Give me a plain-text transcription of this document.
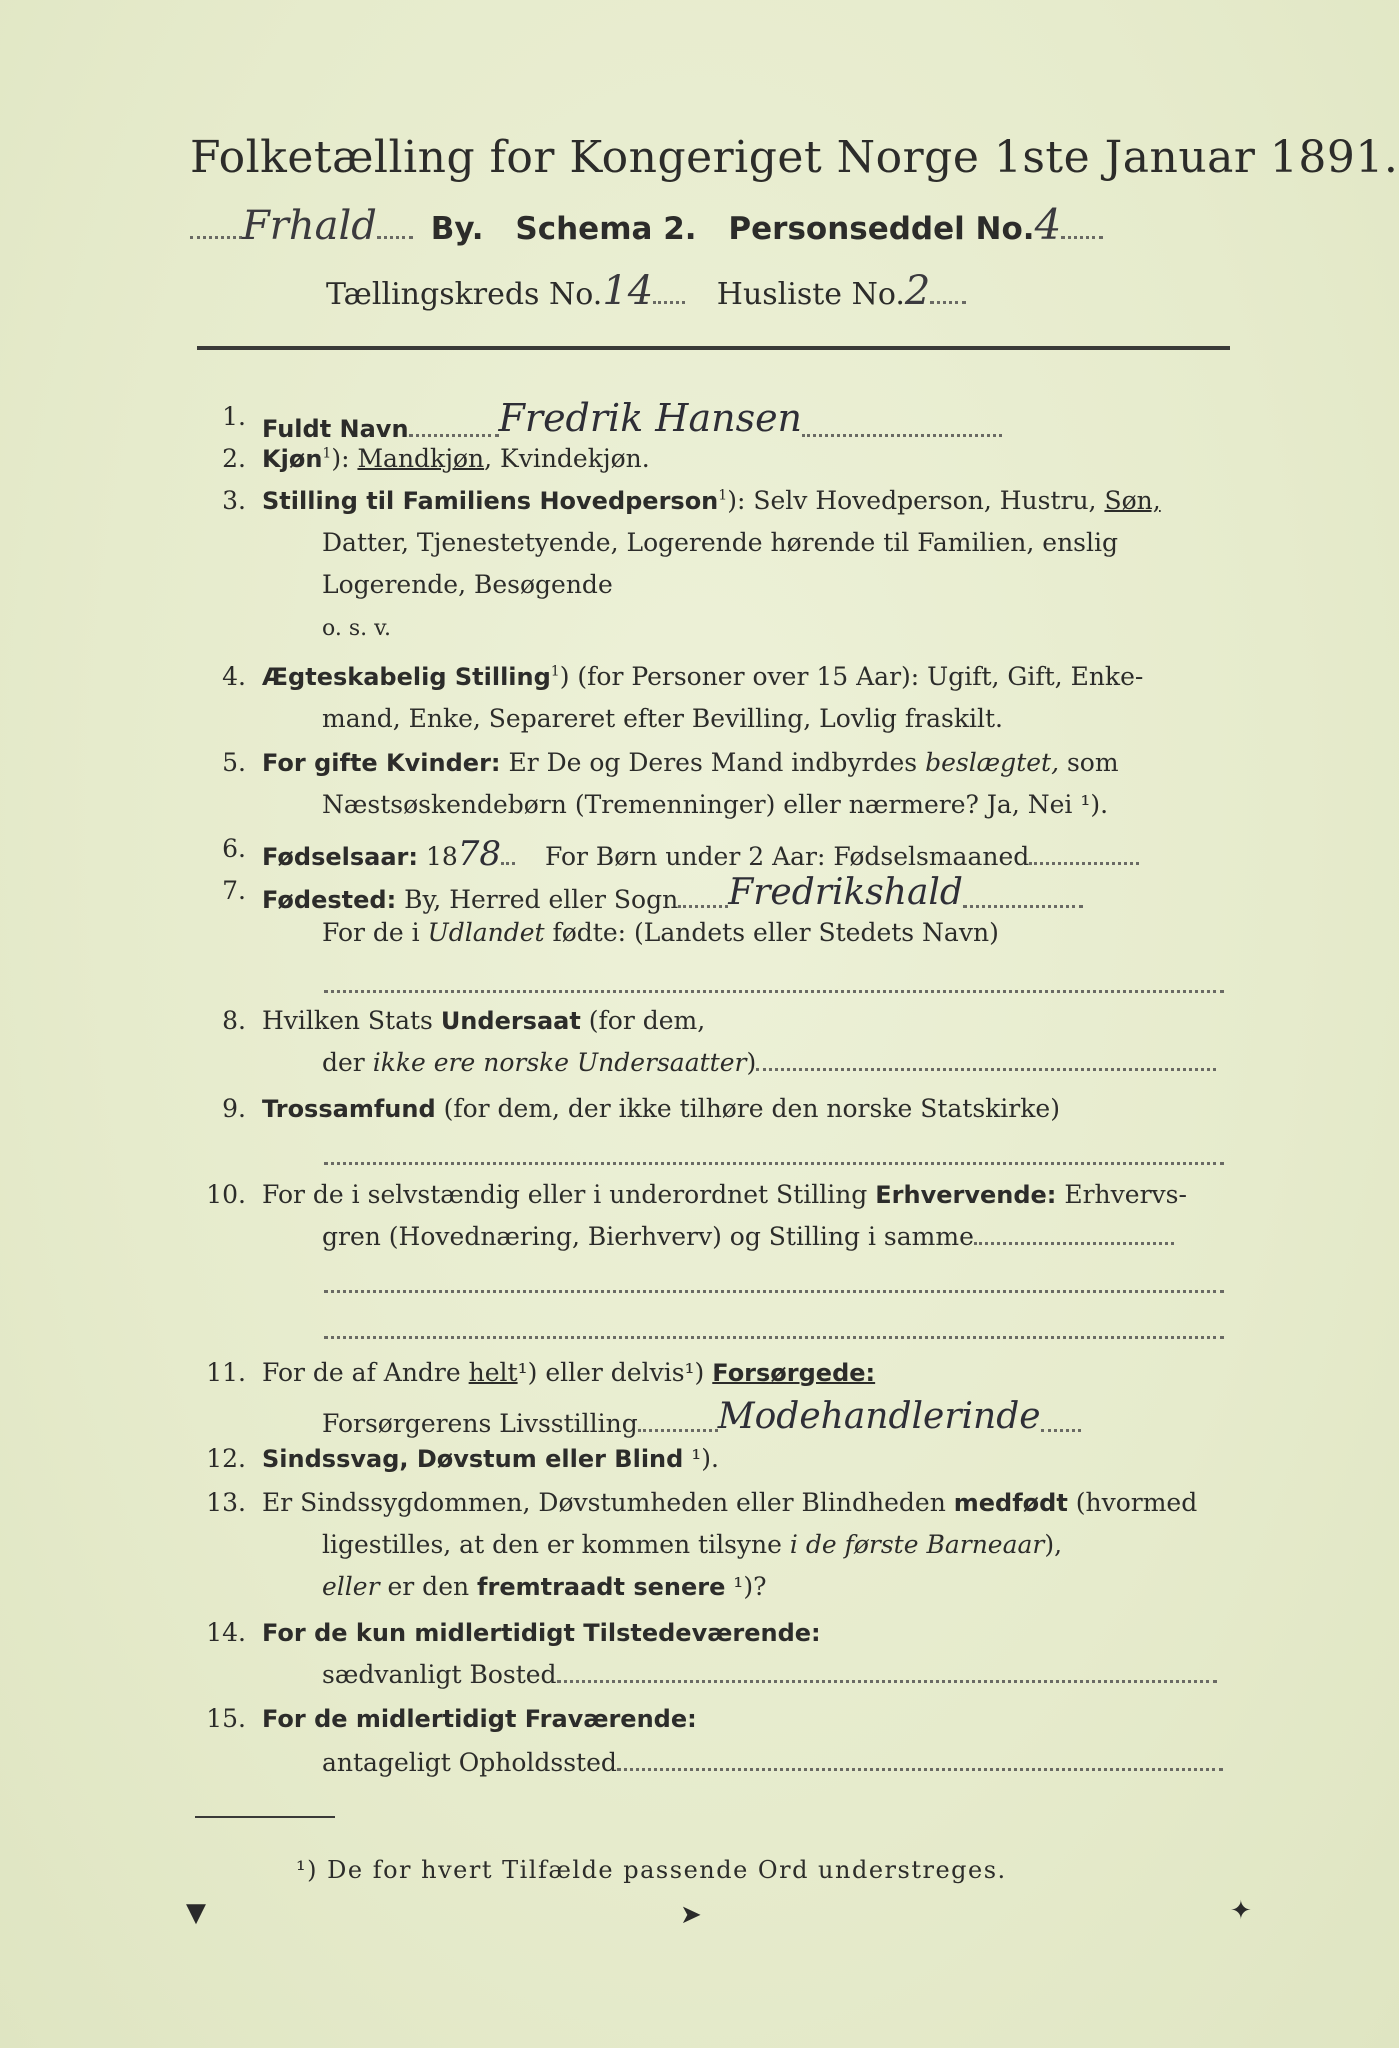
Folketælling for Kongeriget Norge 1ste Januar 1891.
Frhald By. Schema 2. Personseddel No.4
Tællingskreds No.14 Husliste No.2
1. Fuldt Navn Fredrik Hansen
2. Kjøn$^1$): Mandkjøn, Kvindekjøn.
3. Stilling til Familiens Hovedperson$^1$): Selv Hovedperson, Hustru, Søn,
Datter, Tjenestetyende, Logerende hørende til Familien, enslig
Logerende, Besøgende
o. s. v.
4. Ægteskabelig Stilling$^1$) (for Personer over 15 Aar): Ugift, Gift, Enke-
mand, Enke, Separeret efter Bevilling, Lovlig fraskilt.
5. For gifte Kvinder: Er De og Deres Mand indbyrdes beslægtet, som
Næstsøskendebørn (Tremenninger) eller nærmere? Ja, Nei ¹).
6. Fødselsaar: 1878 For Børn under 2 Aar: Fødselsmaaned
7. Fødested: By, Herred eller Sogn Fredrikshald
For de i Udlandet fødte: (Landets eller Stedets Navn)
8. Hvilken Stats Undersaat (for dem,
der ikke ere norske Undersaatter)
9. Trossamfund (for dem, der ikke tilhøre den norske Statskirke)
10. For de i selvstændig eller i underordnet Stilling Erhvervende: Erhvervs-
gren (Hovednæring, Bierhverv) og Stilling i samme
11. For de af Andre helt¹) eller delvis¹) Forsørgede:
Forsørgerens Livsstilling Modehandlerinde
12. Sindssvag, Døvstum eller Blind ¹).
13. Er Sindssygdommen, Døvstumheden eller Blindheden medfødt (hvormed
ligestilles, at den er kommen tilsyne i de første Barneaar),
eller er den fremtraadt senere ¹)?
14. For de kun midlertidigt Tilstedeværende:
sædvanligt Bosted
15. For de midlertidigt Fraværende:
antageligt Opholdssted
¹) De for hvert Tilfælde passende Ord understreges.
▼	➤	✦
